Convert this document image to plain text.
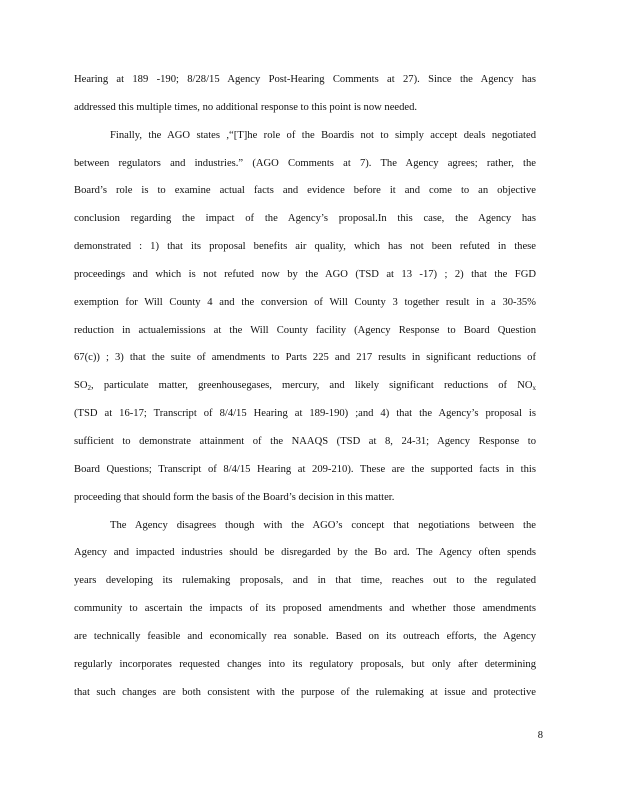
Hearing at 189 -190; 8/28/15 Agency Post-Hearing Comments at 27). Since the Agency has
addressed this multiple times, no additional response to this point is now needed.
Finally, the AGO states ,“[T]he role of the Boardis not to simply accept deals negotiated
between regulators and industries.” (AGO Comments at 7). The Agency agrees; rather, the
Board’s role is to examine actual facts and evidence before it and come to an objective
conclusion regarding the impact of the Agency’s proposal.In this case, the Agency has
demonstrated : 1) that its proposal benefits air quality, which has not been refuted in these
proceedings and which is not refuted now by the AGO (TSD at 13 -17) ; 2) that the FGD
exemption for Will County 4 and the conversion of Will County 3 together result in a 30-35%
reduction in actualemissions at the Will County facility (Agency Response to Board Question
67(c)) ; 3) that the suite of amendments to Parts 225 and 217 results in significant reductions of
$SO_2$, particulate matter, greenhousegases, mercury, and likely significant reductions of $NO_x$
(TSD at 16-17; Transcript of 8/4/15 Hearing at 189-190) ;and 4) that the Agency’s proposal is
sufficient to demonstrate attainment of the NAAQS (TSD at 8, 24-31; Agency Response to
Board Questions; Transcript of 8/4/15 Hearing at 209-210). These are the supported facts in this
proceeding that should form the basis of the Board’s decision in this matter.
The Agency disagrees though with the AGO’s concept that negotiations between the
Agency and impacted industries should be disregarded by the Bo ard. The Agency often spends
years developing its rulemaking proposals, and in that time, reaches out to the regulated
community to ascertain the impacts of its proposed amendments and whether those amendments
are technically feasible and economically rea sonable. Based on its outreach efforts, the Agency
regularly incorporates requested changes into its regulatory proposals, but only after determining
that such changes are both consistent with the purpose of the rulemaking at issue and protective
8
